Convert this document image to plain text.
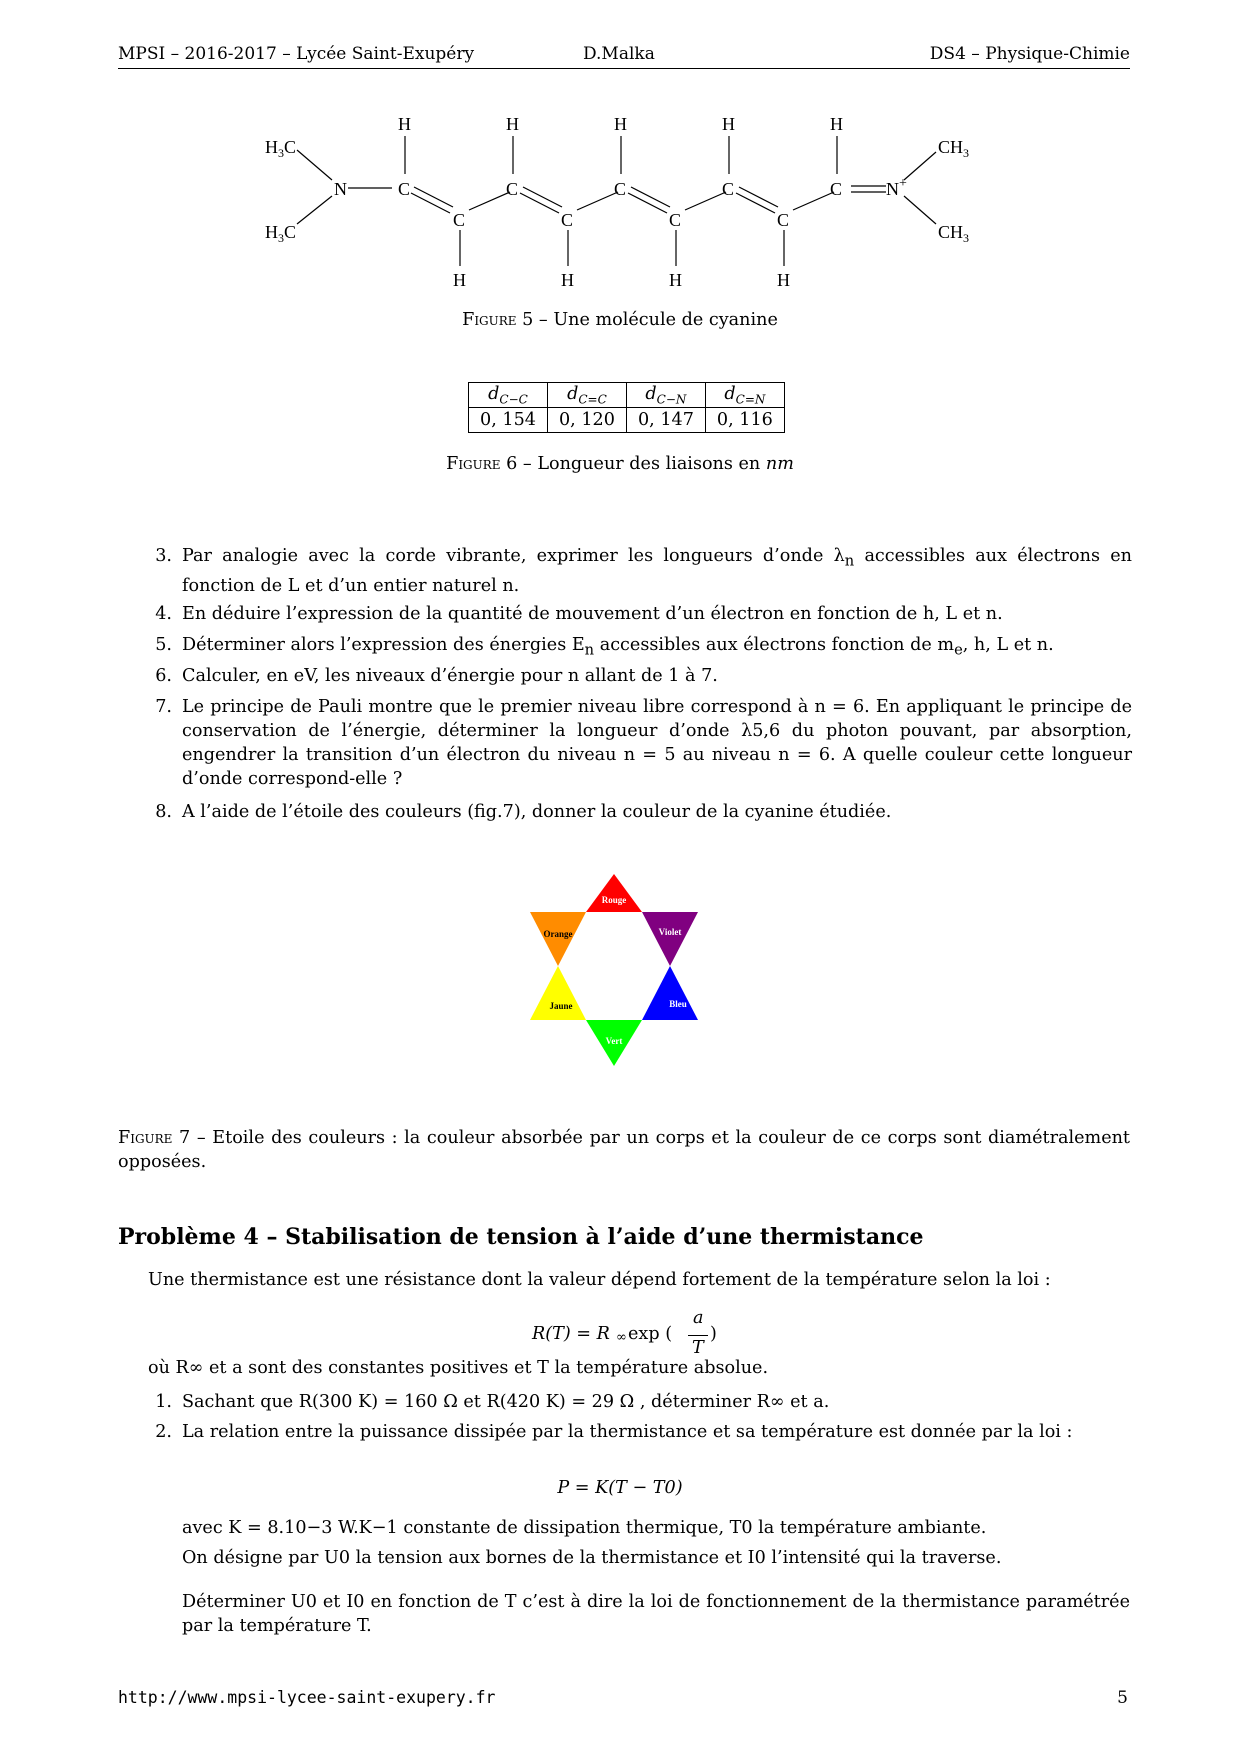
MPSI – 2016-2017 – Lycée Saint-Exupéry	D.Malka	DS4 – Physique-Chimie
$H_3C$
$H_3C$
N	C
C
C
C
C
C
C
C
C N+
$CH_3$
$CH_3$
H	H	H	H	H
H	H	H	H
Figure 5 – Une molécule de cyanine
$d_{C-C}$	$d_{C=C}$	$d_{C-N}$	$d_{C=N}$
0, 154	0, 120	0, 147	0, 116
Figure 6 – Longueur des liaisons en nm
3. Par analogie avec la corde vibrante, exprimer les longueurs d’onde $\lambda_n$ accessibles aux électrons en fonction de L et d’un entier naturel n.
4. En déduire l’expression de la quantité de mouvement d’un électron en fonction de h, L et n.
5. Déterminer alors l’expression des énergies $E_n$ accessibles aux électrons fonction de $m_e$, h, L et n.
6. Calculer, en eV, les niveaux d’énergie pour n allant de 1 à 7.
7. Le principe de Pauli montre que le premier niveau libre correspond à n = 6. En appliquant le principe de conservation de l’énergie, déterminer la longueur d’onde λ5,6 du photon pouvant, par absorption, engendrer la transition d’un électron du niveau n = 5 au niveau n = 6. A quelle couleur cette longueur d’onde correspond-elle ?
8. A l’aide de l’étoile des couleurs (fig.7), donner la couleur de la cyanine étudiée.
Rouge
Violet
Bleu
Vert
Jaune
Orange
Figure 7 – Etoile des couleurs : la couleur absorbée par un corps et la couleur de ce corps sont diamétralement opposées.
Problème 4 – Stabilisation de tension à l’aide d’une thermistance
Une thermistance est une résistance dont la valeur dépend fortement de la température selon la loi :
R(T) = R ∞ exp (
a
T
)
où R∞ et a sont des constantes positives et T la température absolue.
1. Sachant que R(300 K) = 160 Ω et R(420 K) = 29 Ω , déterminer R∞ et a.
2. La relation entre la puissance dissipée par la thermistance et sa température est donnée par la loi :
P = K(T − T0)
avec K = 8.10−3 W.K−1 constante de dissipation thermique, T0 la température ambiante.
On désigne par U0 la tension aux bornes de la thermistance et I0 l’intensité qui la traverse.
Déterminer U0 et I0 en fonction de T c’est à dire la loi de fonctionnement de la thermistance paramétrée par la température T.
http://www.mpsi-lycee-saint-exupery.fr	5
